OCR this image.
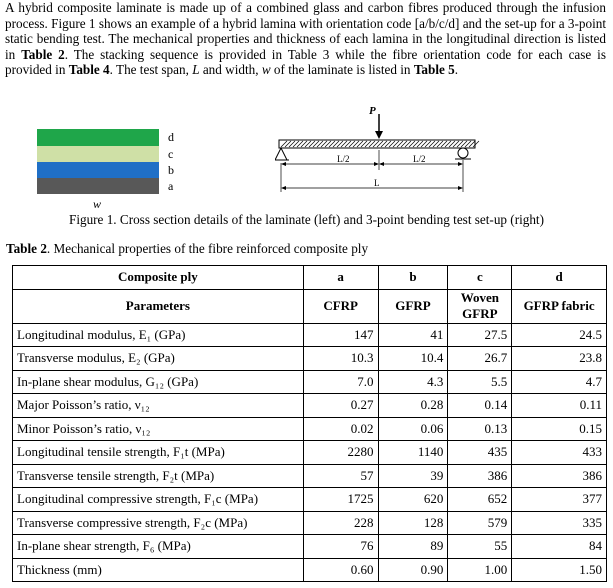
A hybrid composite laminate is made up of a combined glass and carbon fibres produced through the infusion process. Figure 1 shows an example of a hybrid lamina with orientation code [a/b/c/d] and the set-up for a 3-point static bending test. The mechanical properties and thickness of each lamina in the longitudinal direction is listed in Table 2. The stacking sequence is provided in Table 3 while the fibre orientation code for each case is provided in Table 4. The test span, L and width, w of the laminate is listed in Table 5.

d
c
b
a
w
P
L/2	L/2
L
Figure 1. Cross section details of the laminate (left) and 3-point bending test set-up (right)
Table 2. Mechanical properties of the fibre reinforced composite ply
Composite ply	a	b	c	d
Parameters	CFRP	GFRP	Woven GFRP	GFRP fabric
Longitudinal modulus, E₁ (GPa)	147	41	27.5	24.5
Transverse modulus, E₂ (GPa)	10.3	10.4	26.7	23.8
In-plane shear modulus, G₁₂ (GPa)	7.0	4.3	5.5	4.7
Major Poisson’s ratio, ν₁₂	0.27	0.28	0.14	0.11
Minor Poisson’s ratio, ν₁₂	0.02	0.06	0.13	0.15
Longitudinal tensile strength, F₁t (MPa)	2280	1140	435	433
Transverse tensile strength, F₂t (MPa)	57	39	386	386
Longitudinal compressive strength, F₁c (MPa)	1725	620	652	377
Transverse compressive strength, F₂c (MPa)	228	128	579	335
In-plane shear strength, F₆ (MPa)	76	89	55	84
Thickness (mm)	0.60	0.90	1.00	1.50
